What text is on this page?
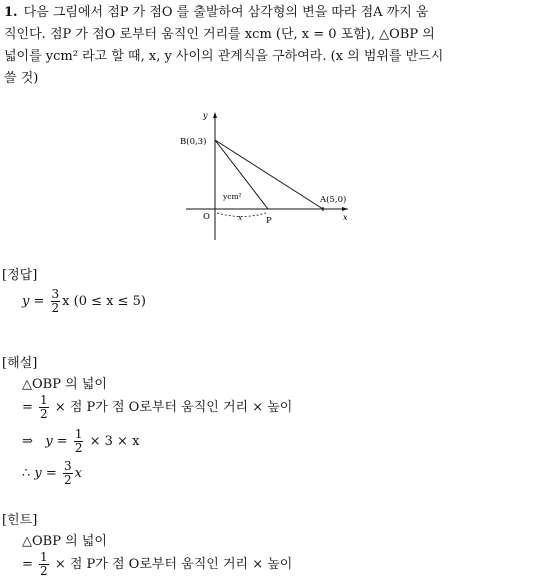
1. 다음 그림에서 점P 가 점O 를 출발하여 삼각형의 변을 따라 점A 까지 움
직인다. 점P 가 점O 로부터 움직인 거리를 xcm (단, x = 0 포함), △OBP 의
넓이를 ycm² 라고 할 때, x, y 사이의 관계식을 구하여라. (x 의 범위를 반드시
쓸 것)
y
x
B(0,3)
A(5,0)
O	P
ycm²
x
[정답]
$y = \frac{3}{2}$ x (0 ≤ x ≤ 5)
[해설]
△OBP 의 넓이
= $\frac{1}{2}$ × 점 P가 점 O로부터 움직인 거리 × 높이
⇒ $y = \frac{1}{2} \times 3 \times x$
∴ $y = \frac{3}{2}$ x
[힌트]
△OBP 의 넓이
= $\frac{1}{2}$ × 점 P가 점 O로부터 움직인 거리 × 높이
